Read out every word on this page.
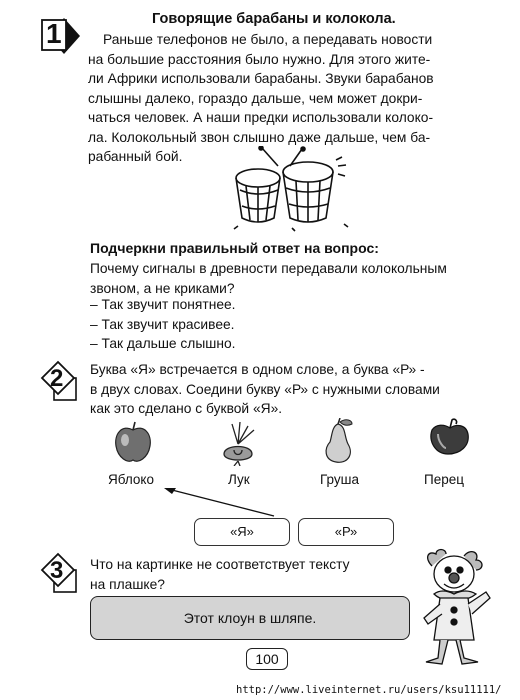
1	Говорящие барабаны и колокола.
Раньше телефонов не было, а передавать новости
на большие расстояния было нужно. Для этого жите-
ли Африки использовали барабаны. Звуки барабанов
слышны далеко, гораздо дальше, чем может докри-
чаться человек. А наши предки использовали колоко-
ла. Колокольный звон слышно даже дальше, чем ба-
рабанный бой.
Подчеркни правильный ответ на вопрос:
Почему сигналы в древности передавали колокольным
звоном, а не криками?
– Так звучит понятнее.
– Так звучит красивее.
– Так дальше слышно.
2 Буква «Я» встречается в одном слове, а буква «Р» -
в двух словах. Соедини букву «Р» с нужными словами
как это сделано с буквой «Я».
Яблоко	Лук	Груша	Перец
«Я»	«Р»
3 Что на картинке не соответствует тексту
на плашке?
Этот клоун в шляпе.
100
http://www.liveinternet.ru/users/ksu11111/
